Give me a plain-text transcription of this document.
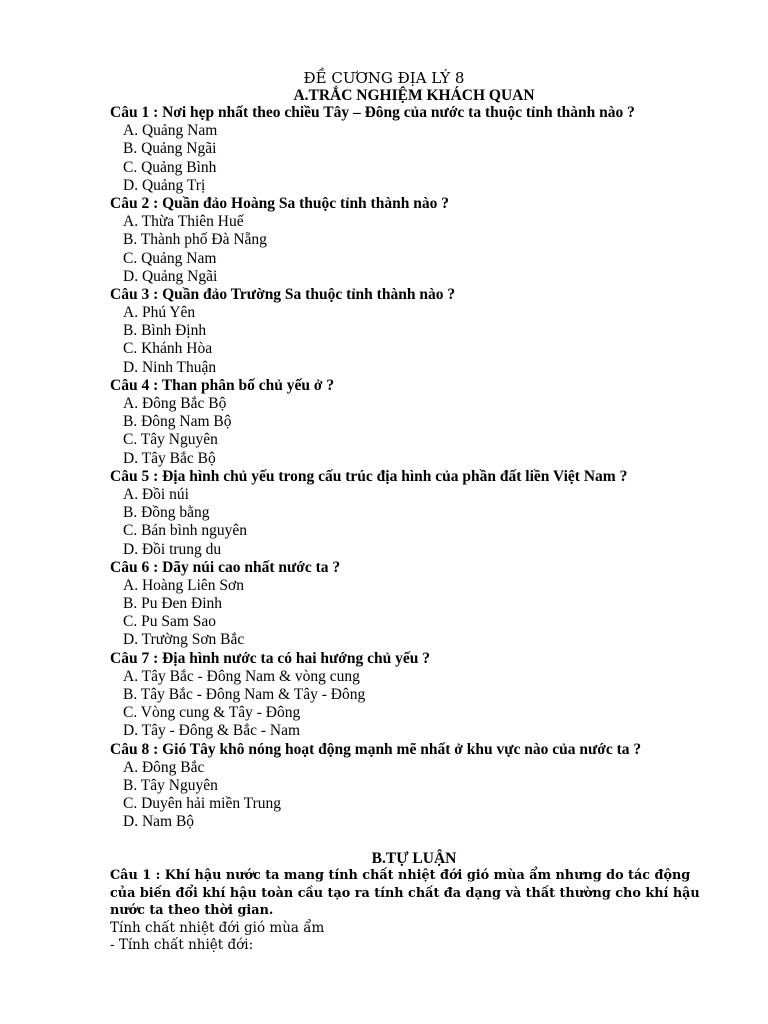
ĐỀ CƯƠNG ĐỊA LÝ 8
A.TRẮC NGHIỆM KHÁCH QUAN
Câu 1 : Nơi hẹp nhất theo chiều Tây – Đông của nước ta thuộc tỉnh thành nào ?
A. Quảng Nam
B. Quảng Ngãi
C. Quảng Bình
D. Quảng Trị
Câu 2 : Quần đảo Hoàng Sa thuộc tỉnh thành nào ?
A. Thừa Thiên Huế
B. Thành phố Đà Nẵng
C. Quảng Nam
D. Quảng Ngãi
Câu 3 : Quần đảo Trường Sa thuộc tỉnh thành nào ?
A. Phú Yên
B. Bình Định
C. Khánh Hòa
D. Ninh Thuận
Câu 4 : Than phân bố chủ yếu ở ?
A. Đông Bắc Bộ
B. Đông Nam Bộ
C. Tây Nguyên
D. Tây Bắc Bộ
Câu 5 : Địa hình chủ yếu trong cấu trúc địa hình của phần đất liền Việt Nam ?
A. Đồi núi
B. Đồng bằng
C. Bán bình nguyên
D. Đồi trung du
Câu 6 : Dãy núi cao nhất nước ta ?
A. Hoàng Liên Sơn
B. Pu Đen Đinh
C. Pu Sam Sao
D. Trường Sơn Bắc
Câu 7 : Địa hình nước ta có hai hướng chủ yếu ?
A. Tây Bắc - Đông Nam & vòng cung
B. Tây Bắc - Đông Nam & Tây - Đông
C. Vòng cung & Tây - Đông
D. Tây - Đông & Bắc - Nam
Câu 8 : Gió Tây khô nóng hoạt động mạnh mẽ nhất ở khu vực nào của nước ta ?
A. Đông Bắc
B. Tây Nguyên
C. Duyên hải miền Trung
D. Nam Bộ
B.TỰ LUẬN
Câu 1 : Khí hậu nước ta mang tính chất nhiệt đới gió mùa ẩm nhưng do tác động của biến đổi khí hậu toàn cầu tạo ra tính chất đa dạng và thất thường cho khí hậu nước ta theo thời gian.
Tính chất nhiệt đới gió mùa ẩm
- Tính chất nhiệt đới:
